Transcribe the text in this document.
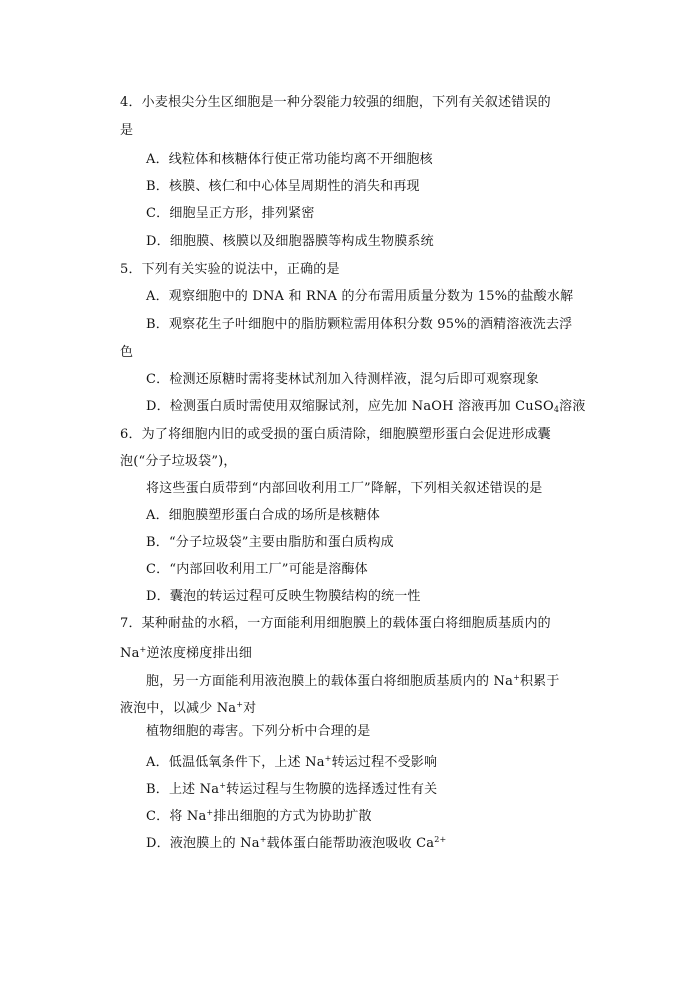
4．小麦根尖分生区细胞是一种分裂能力较强的细胞，下列有关叙述错误的
是
A．线粒体和核糖体行使正常功能均离不开细胞核
B．核膜、核仁和中心体呈周期性的消失和再现
C．细胞呈正方形，排列紧密
D．细胞膜、核膜以及细胞器膜等构成生物膜系统
5．下列有关实验的说法中，正确的是
A．观察细胞中的 DNA 和 RNA 的分布需用质量分数为 15%的盐酸水解
B．观察花生子叶细胞中的脂肪颗粒需用体积分数 95%的酒精溶液洗去浮
色
C．检测还原糖时需将斐林试剂加入待测样液，混匀后即可观察现象
D．检测蛋白质时需使用双缩脲试剂，应先加 NaOH 溶液再加 CuSO$_4$溶液
6．为了将细胞内旧的或受损的蛋白质清除，细胞膜塑形蛋白会促进形成囊
泡(“分子垃圾袋”)，
将这些蛋白质带到“内部回收利用工厂”降解，下列相关叙述错误的是
A．细胞膜塑形蛋白合成的场所是核糖体
B．“分子垃圾袋”主要由脂肪和蛋白质构成
C．“内部回收利用工厂”可能是溶酶体
D．囊泡的转运过程可反映生物膜结构的统一性
7．某种耐盐的水稻，一方面能利用细胞膜上的载体蛋白将细胞质基质内的
Na+逆浓度梯度排出细
胞，另一方面能利用液泡膜上的载体蛋白将细胞质基质内的 Na+积累于
液泡中，以减少 Na+对
植物细胞的毒害。下列分析中合理的是
A．低温低氧条件下，上述 Na+转运过程不受影响
B．上述 Na+转运过程与生物膜的选择透过性有关
C．将 Na+排出细胞的方式为协助扩散
D．液泡膜上的 Na+载体蛋白能帮助液泡吸收 $Ca^{2+}$
